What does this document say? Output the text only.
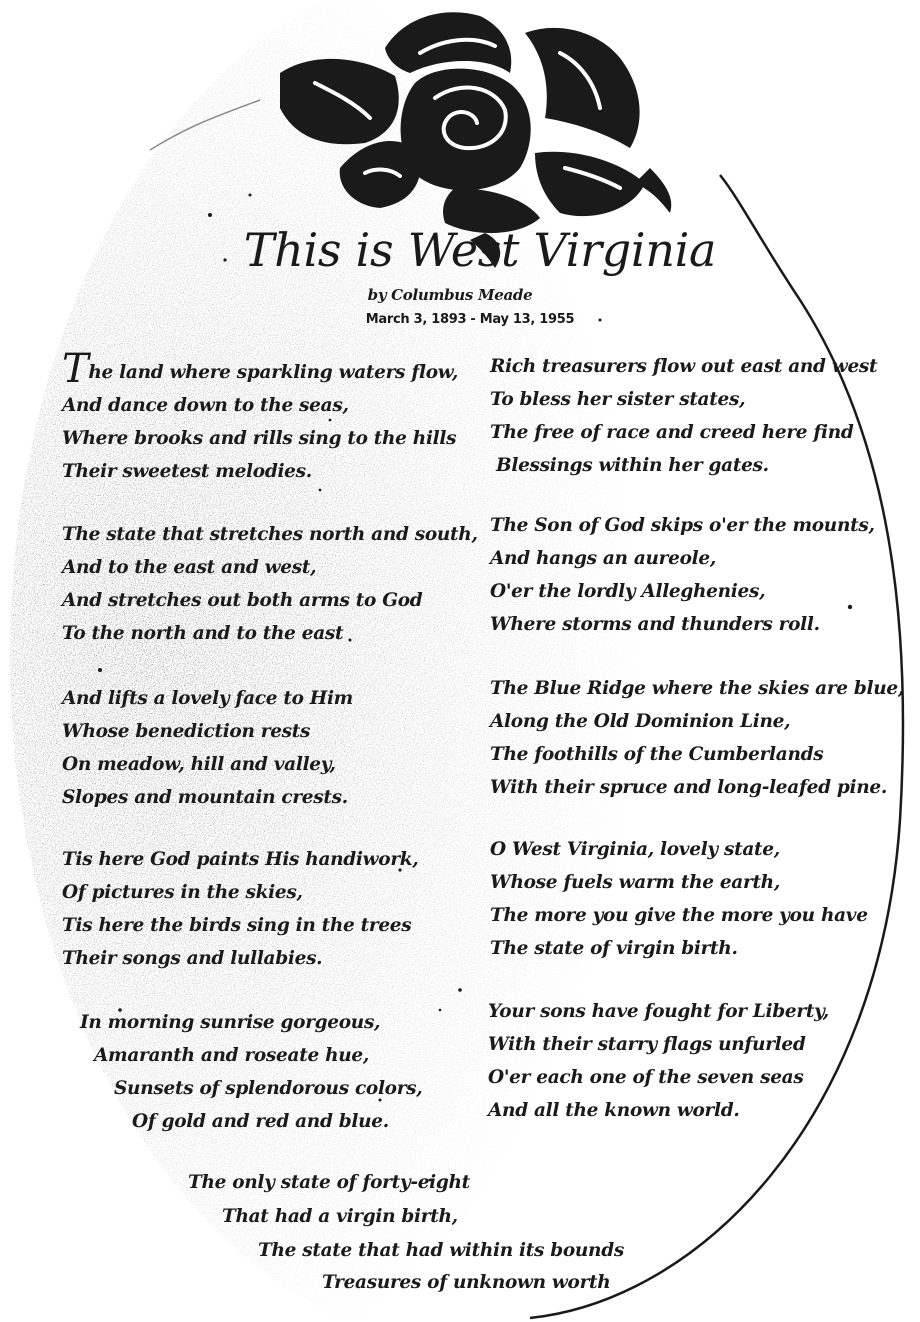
This is West Virginia
by Columbus Meade
March 3, 1893 - May 13, 1955
The land where sparkling waters flow,
And dance down to the seas,
Where brooks and rills sing to the hills
Their sweetest melodies.
The state that stretches north and south,
And to the east and west,
And stretches out both arms to God
To the north and to the east
And lifts a lovely face to Him
Whose benediction rests
On meadow, hill and valley,
Slopes and mountain crests.
Tis here God paints His handiwork,
Of pictures in the skies,
Tis here the birds sing in the trees
Their songs and lullabies.
In morning sunrise gorgeous,
Amaranth and roseate hue,
Sunsets of splendorous colors,
Of gold and red and blue.
Rich treasurers flow out east and west
To bless her sister states,
The free of race and creed here find
Blessings within her gates.
The Son of God skips o'er the mounts,
And hangs an aureole,
O'er the lordly Alleghenies,
Where storms and thunders roll.
The Blue Ridge where the skies are blue,
Along the Old Dominion Line,
The foothills of the Cumberlands
With their spruce and long-leafed pine.
O West Virginia, lovely state,
Whose fuels warm the earth,
The more you give the more you have
The state of virgin birth.
Your sons have fought for Liberty,
With their starry flags unfurled
O'er each one of the seven seas
And all the known world.
The only state of forty-eight
That had a virgin birth,
The state that had within its bounds
Treasures of unknown worth
